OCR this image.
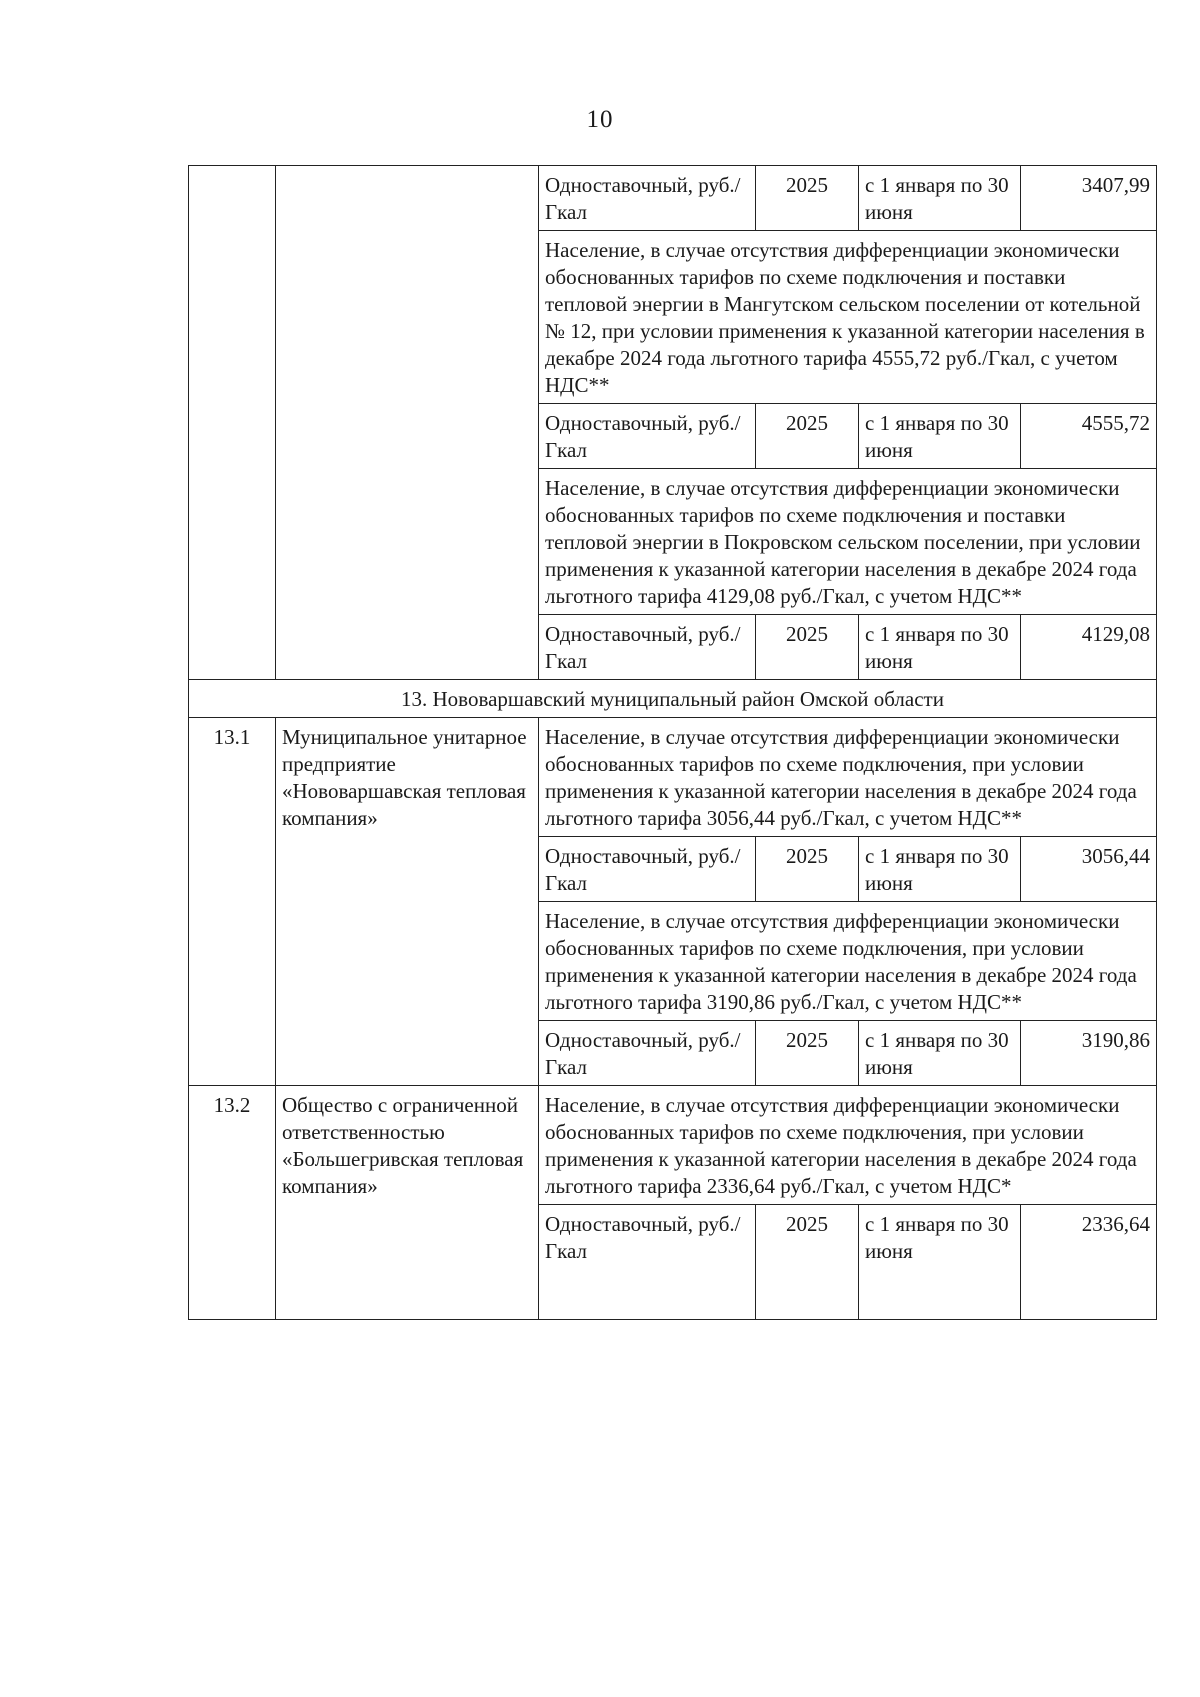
10
		Одноставочный, руб./Гкал	2025	с 1 января по 30 июня	3407,99
		Население, в случае отсутствия дифференциации экономически обоснованных тарифов по схеме подключения и поставки тепловой энергии в Мангутском сельском поселении от котельной № 12, при условии применения к указанной категории населения в декабре 2024 года льготного тарифа 4555,72 руб./Гкал, с учетом НДС**			
		Одноставочный, руб./Гкал	2025	с 1 января по 30 июня	4555,72
		Население, в случае отсутствия дифференциации экономически обоснованных тарифов по схеме подключения и поставки тепловой энергии в Покровском сельском поселении, при условии применения к указанной категории населения в декабре 2024 года льготного тарифа 4129,08 руб./Гкал, с учетом НДС**			
		Одноставочный, руб./Гкал	2025	с 1 января по 30 июня	4129,08
13. Нововаршавский муниципальный район Омской области					
13.1	Муниципальное унитарное предприятие «Нововаршавская тепловая компания»	Население, в случае отсутствия дифференциации экономически обоснованных тарифов по схеме подключения, при условии применения к указанной категории населения в декабре 2024 года льготного тарифа 3056,44 руб./Гкал, с учетом НДС**			
		Одноставочный, руб./Гкал	2025	с 1 января по 30 июня	3056,44
		Население, в случае отсутствия дифференциации экономически обоснованных тарифов по схеме подключения, при условии применения к указанной категории населения в декабре 2024 года льготного тарифа 3190,86 руб./Гкал, с учетом НДС**			
		Одноставочный, руб./Гкал	2025	с 1 января по 30 июня	3190,86
13.2	Общество с ограниченной ответственностью «Большегривская тепловая компания»	Население, в случае отсутствия дифференциации экономически обоснованных тарифов по схеме подключения, при условии применения к указанной категории населения в декабре 2024 года льготного тарифа 2336,64 руб./Гкал, с учетом НДС*			
		Одноставочный, руб./Гкал	2025	с 1 января по 30 июня	2336,64
